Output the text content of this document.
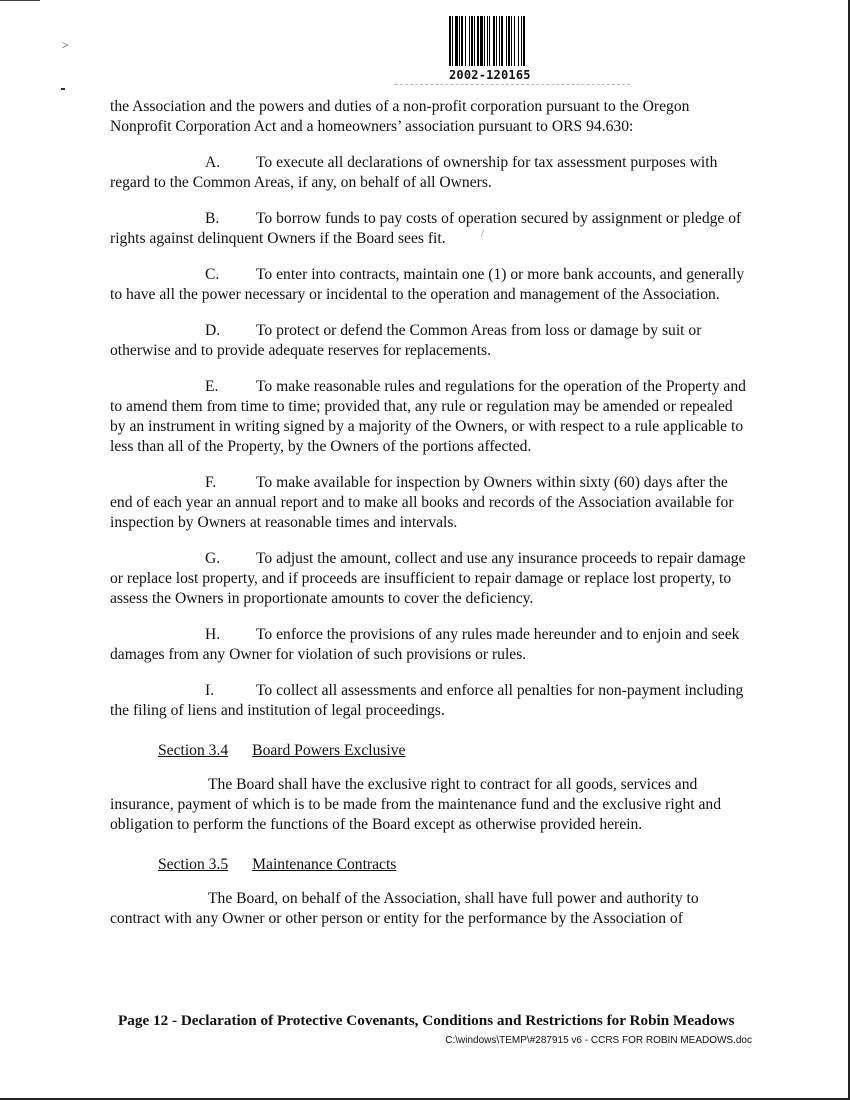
˃
2002-120165

the Association and the powers and duties of a non-profit corporation pursuant to the Oregon Nonprofit Corporation Act and a homeowners’ association pursuant to ORS 94.630:

A. To execute all declarations of ownership for tax assessment purposes with regard to the Common Areas, if any, on behalf of all Owners.

B. To borrow funds to pay costs of operation secured by assignment or pledge of rights against delinquent Owners if the Board sees fit.

C. To enter into contracts, maintain one (1) or more bank accounts, and generally to have all the power necessary or incidental to the operation and management of the Association.

D. To protect or defend the Common Areas from loss or damage by suit or otherwise and to provide adequate reserves for replacements.

E. To make reasonable rules and regulations for the operation of the Property and to amend them from time to time; provided that, any rule or regulation may be amended or repealed by an instrument in writing signed by a majority of the Owners, or with respect to a rule applicable to less than all of the Property, by the Owners of the portions affected.

F.	To make available for inspection by Owners within sixty (60) days after the end of each year an annual report and to make all books and records of the Association available for inspection by Owners at reasonable times and intervals.

G. To adjust the amount, collect and use any insurance proceeds to repair damage or replace lost property, and if proceeds are insufficient to repair damage or replace lost property, to assess the Owners in proportionate amounts to cover the deficiency.

H. To enforce the provisions of any rules made hereunder and to enjoin and seek damages from any Owner for violation of such provisions or rules.

I.	To collect all assessments and enforce all penalties for non-payment including the filing of liens and institution of legal proceedings.

Section 3.4 Board Powers Exclusive

The Board shall have the exclusive right to contract for all goods, services and insurance, payment of which is to be made from the maintenance fund and the exclusive right and obligation to perform the functions of the Board except as otherwise provided herein.

Section 3.5 Maintenance Contracts

The Board, on behalf of the Association, shall have full power and authority to contract with any Owner or other person or entity for the performance by the Association of

Page 12 - Declaration of Protective Covenants, Conditions and Restrictions for Robin Meadows
C:\windows\TEMP\#287915 v6 - CCRS FOR ROBIN MEADOWS.doc
